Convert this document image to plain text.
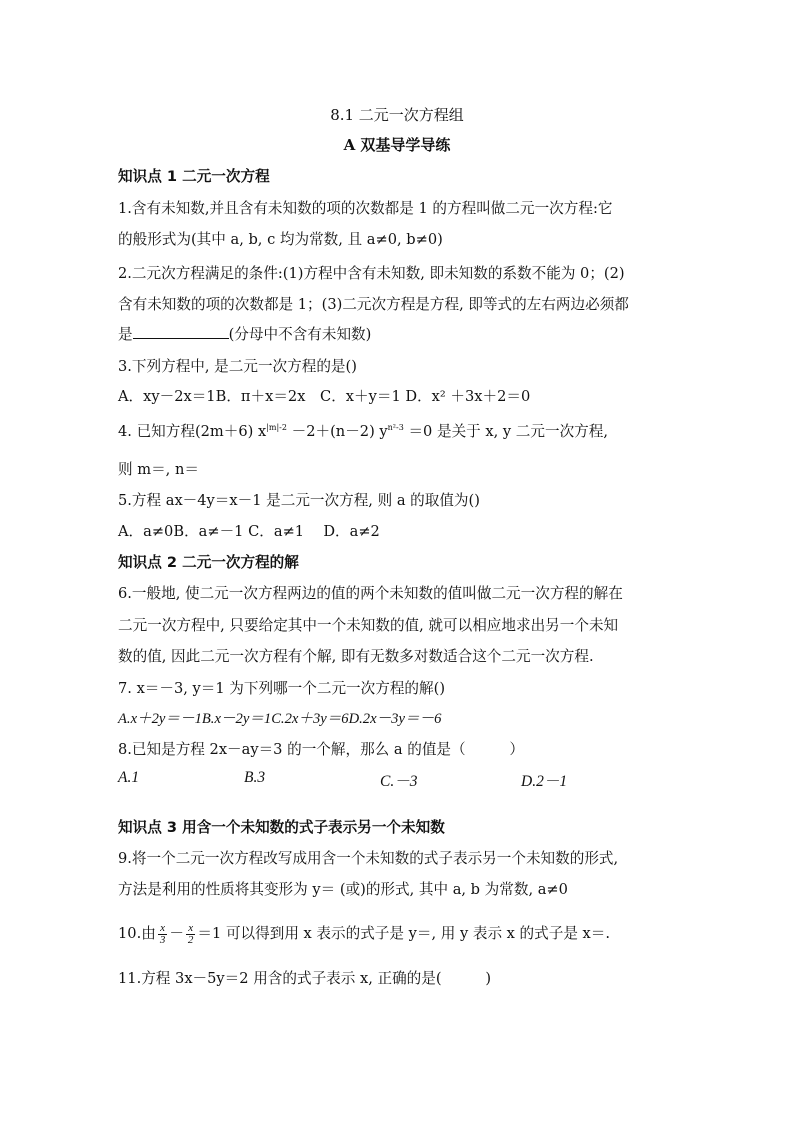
8.1 二元一次方程组
A 双基导学导练
知识点 1 二元一次方程
1.含有未知数,并且含有未知数的项的次数都是 1 的方程叫做二元一次方程:它
的般形式为(其中 a, b, c 均为常数, 且 a≠0, b≠0)
2.二元次方程满足的条件:(1)方程中含有未知数, 即未知数的系数不能为 0；(2)
含有未知数的项的次数都是 1；(3)二元次方程是方程, 即等式的左右两边必须都
是	(分母中不含有未知数)
3.下列方程中, 是二元一次方程的是()
A．xy－2x＝1B．π＋x＝2x　C．x＋y＝1 D．x² ＋3x＋2＝0
4. 已知方程(2m＋6) $x^{|m|-2} -2+(n-2)$ $y^{n^2-3} =0$ 是关于 x, y 二元一次方程,
则 m＝, n＝
5.方程 ax－4y＝x－1 是二元一次方程, 则 a 的取值为()
A．a≠0B．a≠－1 C．a≠1　 D．a≠2
知识点 2 二元一次方程的解
6.一般地, 使二元一次方程两边的值的两个未知数的值叫做二元一次方程的解在
二元一次方程中, 只要给定其中一个未知数的值, 就可以相应地求出另一个未知
数的值, 因此二元一次方程有个解, 即有无数多对数适合这个二元一次方程.
7. x＝－3, y＝1 为下列哪一个二元一次方程的解()
A.x＋2y＝－1B.x－2y＝1C.2x＋3y＝6D.2x－3y＝－6
8.已知是方程 2x－ay＝3 的一个解，那么 a 的值是（　　　）
A.1	B.3	C.－3	D.2－1
知识点 3 用含一个未知数的式子表示另一个未知数
9.将一个二元一次方程改写成用含一个未知数的式子表示另一个未知数的形式,
方法是利用的性质将其变形为 y＝ (或)的形式, 其中 a, b 为常数, a≠0
10.由 $\frac{x}{3} - \frac{x}{2} =1$ 可以得到用 x 表示的式子是 y＝, 用 y 表示 x 的式子是 x＝.
11.方程 3x－5y＝2 用含的式子表示 x, 正确的是(　　　)
